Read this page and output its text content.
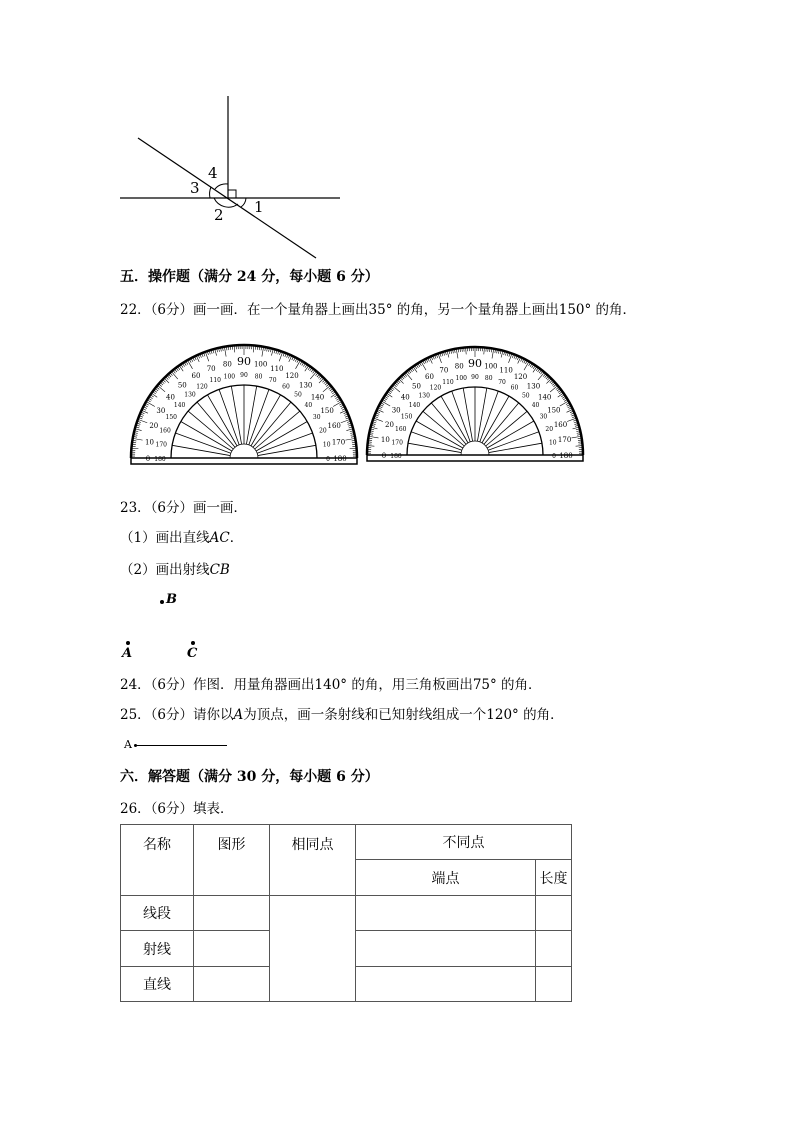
4
3
2 1
五．操作题（满分 24 分，每小题 6 分）
22．（6分）画一画．在一个量角器上画出35° 的角，另一个量角器上画出150° 的角．
0 180
10 170
20
160
30
150
40
140
50
130
60
120
70
110
80
100
90
90
100
80
110
70
120
60 130
50 140
40
150
30
160
20
170
10
180
0	0 180
10 170
20
160
30
150
40
140
50
130
60
120
70
110
80
100
90
90
100
80
110
70
120
60 130
50 140
40
150
30
160
20
170
10
180
0
23．（6分）画一画．
（1）画出直线AC．
（2）画出射线CB
B
A	C
24．（6分）作图．用量角器画出140° 的角，用三角板画出75° 的角．
25．（6分）请你以A为顶点，画一条射线和已知射线组成一个120° 的角．
A
六．解答题（满分 30 分，每小题 6 分）
26．（6分）填表．
名称	图形	相同点	不同点	
			端点	长度
线段				
射线				
直线				
